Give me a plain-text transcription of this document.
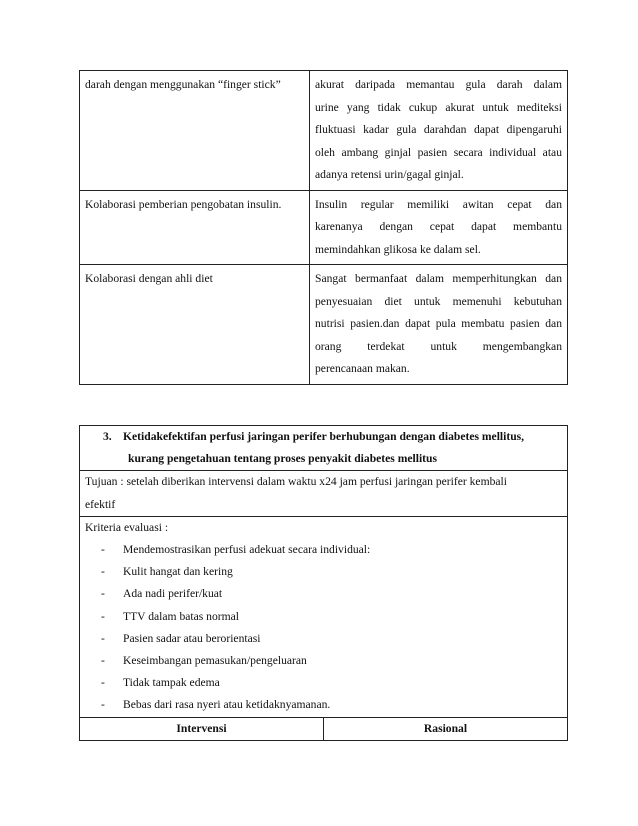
darah dengan menggunakan “finger stick”	akurat daripada memantau gula darah dalam
urine yang tidak cukup akurat untuk mediteksi
fluktuasi kadar gula darahdan dapat dipengaruhi
oleh ambang ginjal pasien secara individual atau
adanya retensi urin/gagal ginjal.

Kolaborasi pemberian pengobatan insulin.	Insulin regular memiliki awitan cepat dan
karenanya dengan cepat dapat membantu
memindahkan glikosa ke dalam sel.

Kolaborasi dengan ahli diet	Sangat bermanfaat dalam memperhitungkan dan
penyesuaian diet untuk memenuhi kebutuhan
nutrisi pasien.dan dapat pula membatu pasien dan
orang terdekat untuk mengembangkan
perencanaan makan.
3. Ketidakefektifan perfusi jaringan perifer berhubungan dengan diabetes mellitus,
kurang pengetahuan tentang proses penyakit diabetes mellitus

Tujuan : setelah diberikan intervensi dalam waktu x24 jam perfusi jaringan perifer kembali
efektif

Kriteria evaluasi :
-	Mendemostrasikan perfusi adekuat secara individual:
-	Kulit hangat dan kering
-	Ada nadi perifer/kuat
-	TTV dalam batas normal
-	Pasien sadar atau berorientasi
-	Keseimbangan pemasukan/pengeluaran
-	Tidak tampak edema
-	Bebas dari rasa nyeri atau ketidaknyamanan.

Intervensi	Rasional
